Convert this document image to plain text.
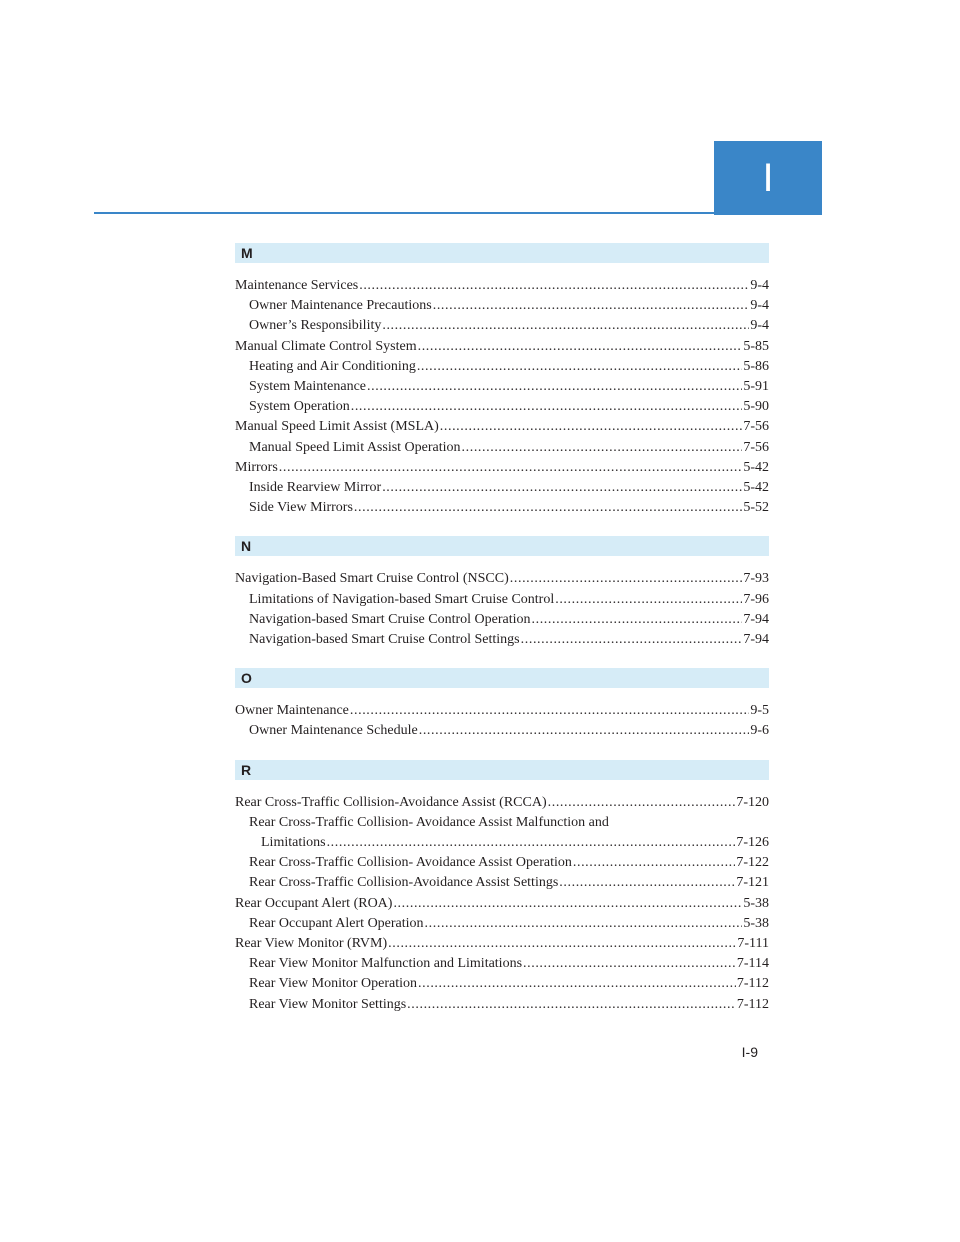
I
M
Maintenance Services .....	9-4
Owner Maintenance Precautions .....	9-4
Owner’s Responsibility .....	9-4
Manual Climate Control System .....	5-85
Heating and Air Conditioning .....	5-86
System Maintenance .....	5-91
System Operation .....	5-90
Manual Speed Limit Assist (MSLA) .....	7-56
Manual Speed Limit Assist Operation .....	7-56
Mirrors .....	5-42
Inside Rearview Mirror .....	5-42
Side View Mirrors .....	5-52
N
Navigation-Based Smart Cruise Control (NSCC) .....	7-93
Limitations of Navigation-based Smart Cruise Control .....	7-96
Navigation-based Smart Cruise Control Operation .....	7-94
Navigation-based Smart Cruise Control Settings .....	7-94
O
Owner Maintenance .....	9-5
Owner Maintenance Schedule .....	9-6
R
Rear Cross-Traffic Collision-Avoidance Assist (RCCA) .....	7-120
Rear Cross-Traffic Collision- Avoidance Assist Malfunction and
Limitations .....	7-126
Rear Cross-Traffic Collision- Avoidance Assist Operation .....	7-122
Rear Cross-Traffic Collision-Avoidance Assist Settings .....	7-121
Rear Occupant Alert (ROA) .....	5-38
Rear Occupant Alert Operation .....	5-38
Rear View Monitor (RVM) .....	7-111
Rear View Monitor Malfunction and Limitations .....	7-114
Rear View Monitor Operation .....	7-112
Rear View Monitor Settings .....	7-112
I-9
